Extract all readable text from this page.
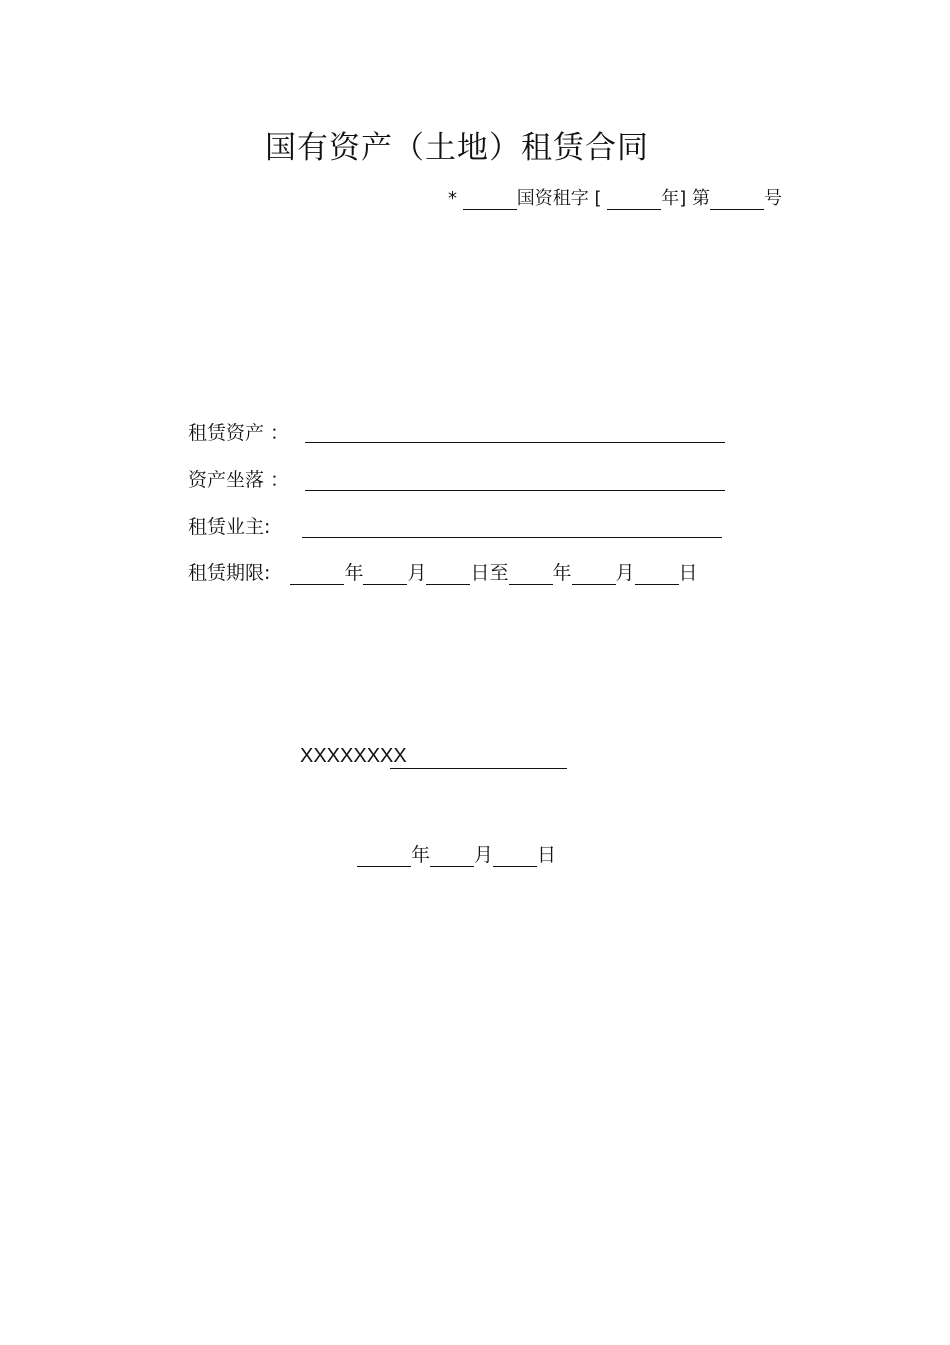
国有资产（土地）租赁合同
*	国资租字 [	年] 第	号
租赁资产 ：
资产坐落 ：
租赁业主:
租赁期限:	年 月 日至 年 月 日
XXXXXXXX
年 月 日
